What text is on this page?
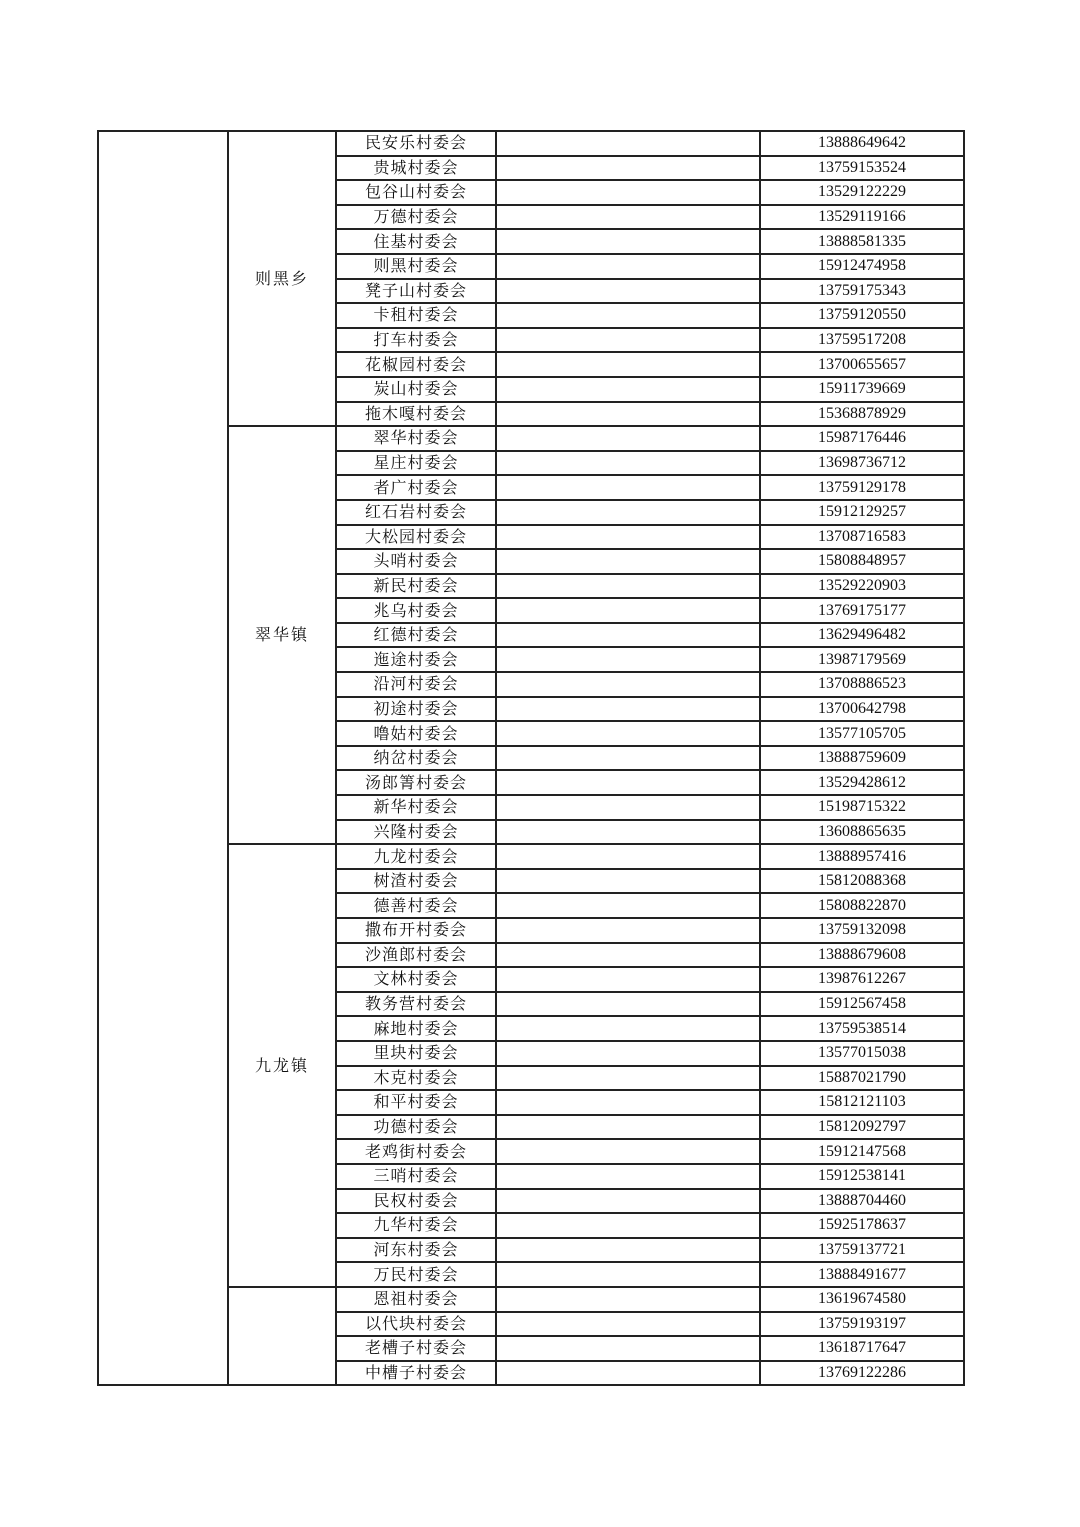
	则黑乡	民安乐村委会		13888649642
		贵城村委会		13759153524
		包谷山村委会		13529122229
		万德村委会		13529119166
		住基村委会		13888581335
		则黑村委会		15912474958
		凳子山村委会		13759175343
		卡租村委会		13759120550
		打车村委会		13759517208
		花椒园村委会		13700655657
		炭山村委会		15911739669
		拖木嘎村委会		15368878929
	翠华镇	翠华村委会		15987176446
		星庄村委会		13698736712
		者广村委会		13759129178
		红石岩村委会		15912129257
		大松园村委会		13708716583
		头哨村委会		15808848957
		新民村委会		13529220903
		兆乌村委会		13769175177
		红德村委会		13629496482
		迤途村委会		13987179569
		沿河村委会		13708886523
		初途村委会		13700642798
		噜姑村委会		13577105705
		纳岔村委会		13888759609
		汤郎箐村委会		13529428612
		新华村委会		15198715322
		兴隆村委会		13608865635
	九龙镇	九龙村委会		13888957416
		树渣村委会		15812088368
		德善村委会		15808822870
		撒布开村委会		13759132098
		沙渔郎村委会		13888679608
		文林村委会		13987612267
		教务营村委会		15912567458
		麻地村委会		13759538514
		里块村委会		13577015038
		木克村委会		15887021790
		和平村委会		15812121103
		功德村委会		15812092797
		老鸡街村委会		15912147568
		三哨村委会		15912538141
		民权村委会		13888704460
		九华村委会		15925178637
		河东村委会		13759137721
		万民村委会		13888491677
		恩祖村委会		13619674580
		以代块村委会		13759193197
		老槽子村委会		13618717647
		中槽子村委会		13769122286
